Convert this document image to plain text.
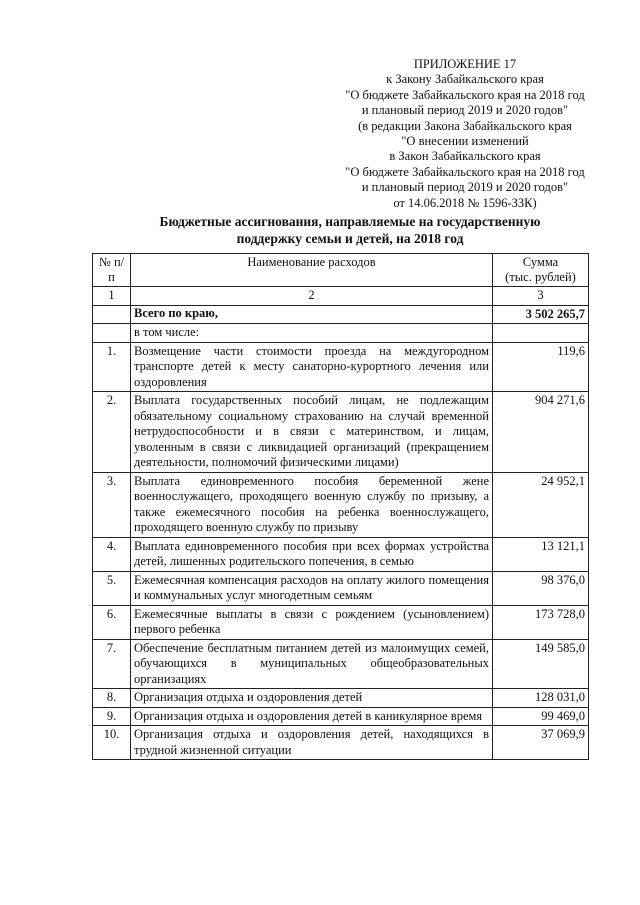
ПРИЛОЖЕНИЕ 17
к Закону Забайкальского края
"О бюджете Забайкальского края на 2018 год
и плановый период 2019 и 2020 годов"
(в редакции Закона Забайкальского края
"О внесении изменений
в Закон Забайкальского края
"О бюджете Забайкальского края на 2018 год
и плановый период 2019 и 2020 годов"
от 14.06.2018 № 1596-ЗЗК)
Бюджетные ассигнования, направляемые на государственную
поддержку семьи и детей, на 2018 год
№ п/п	Наименование расходов	Сумма
(тыс. рублей)

1	2	3
	Всего по краю,	3 502 265,7
	в том числе:	
1.	Возмещение части стоимости проезда на междугородном транспорте детей к месту санаторно-курортного лечения или оздоровления	119,6
2.	Выплата государственных пособий лицам, не подлежащим обязательному социальному страхованию на случай временной нетрудоспособности и в связи с материнством, и лицам, уволенным в связи с ликвидацией организаций (прекращением деятельности, полномочий физическими лицами)	904 271,6
3.	Выплата единовременного пособия беременной жене военнослужащего, проходящего военную службу по призыву, а также ежемесячного пособия на ребенка военнослужащего, проходящего военную службу по призыву	24 952,1
4.	Выплата единовременного пособия при всех формах устройства детей, лишенных родительского попечения, в семью	13 121,1
5.	Ежемесячная компенсация расходов на оплату жилого помещения и коммунальных услуг многодетным семьям	98 376,0
6.	Ежемесячные выплаты в связи с рождением (усыновлением) первого ребенка	173 728,0
7.	Обеспечение бесплатным питанием детей из малоимущих семей, обучающихся в муниципальных общеобразовательных организациях	149 585,0
8.	Организация отдыха и оздоровления детей	128 031,0
9.	Организация отдыха и оздоровления детей в каникулярное время	99 469,0
10.	Организация отдыха и оздоровления детей, находящихся в трудной жизненной ситуации	37 069,9
